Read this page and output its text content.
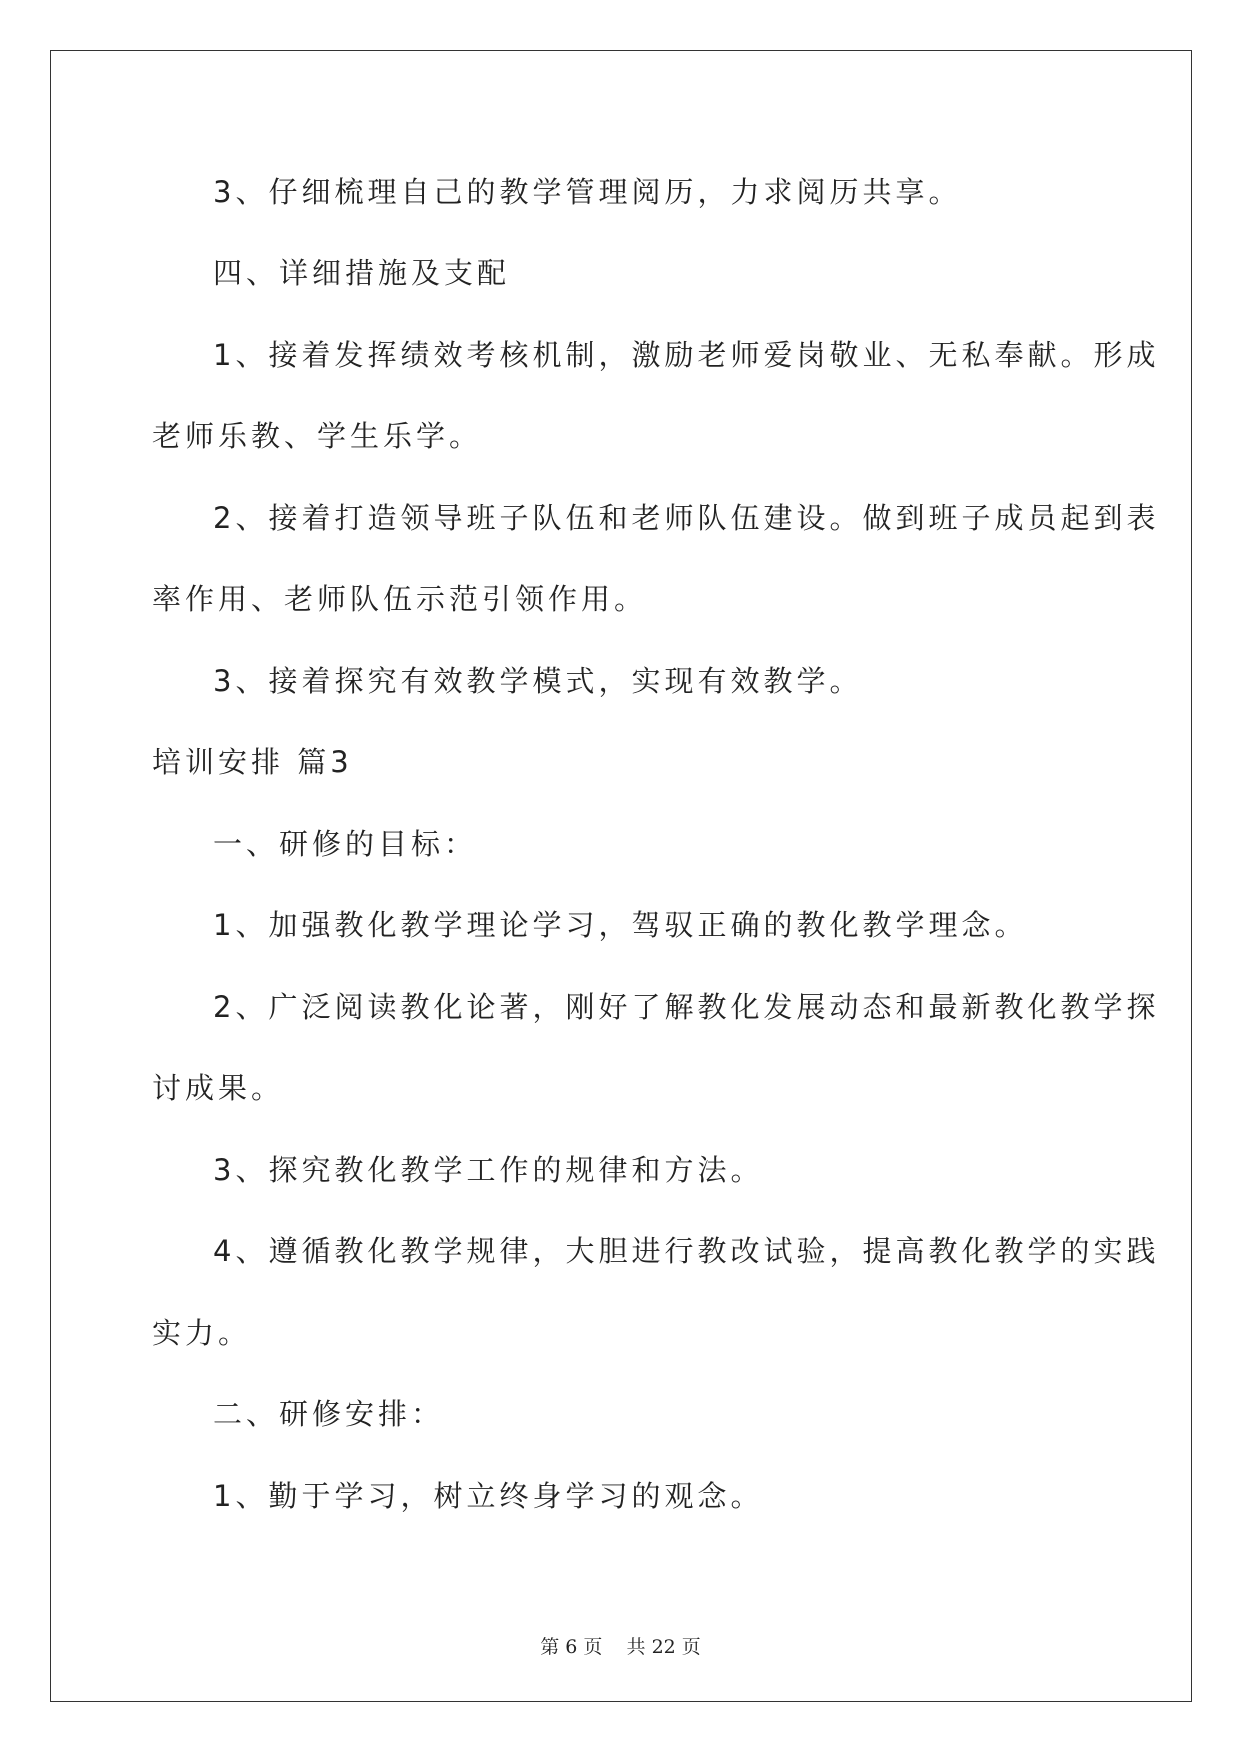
3、仔细梳理自己的教学管理阅历，力求阅历共享。

四、详细措施及支配

1、接着发挥绩效考核机制，激励老师爱岗敬业、无私奉献。形成

老师乐教、学生乐学。

2、接着打造领导班子队伍和老师队伍建设。做到班子成员起到表

率作用、老师队伍示范引领作用。

3、接着探究有效教学模式，实现有效教学。

培训安排 篇3

一、研修的目标：

1、加强教化教学理论学习，驾驭正确的教化教学理念。

2、广泛阅读教化论著，刚好了解教化发展动态和最新教化教学探

讨成果。

3、探究教化教学工作的规律和方法。

4、遵循教化教学规律，大胆进行教改试验，提高教化教学的实践

实力。

二、研修安排：

1、勤于学习，树立终身学习的观念。

第 6 页    共 22 页
